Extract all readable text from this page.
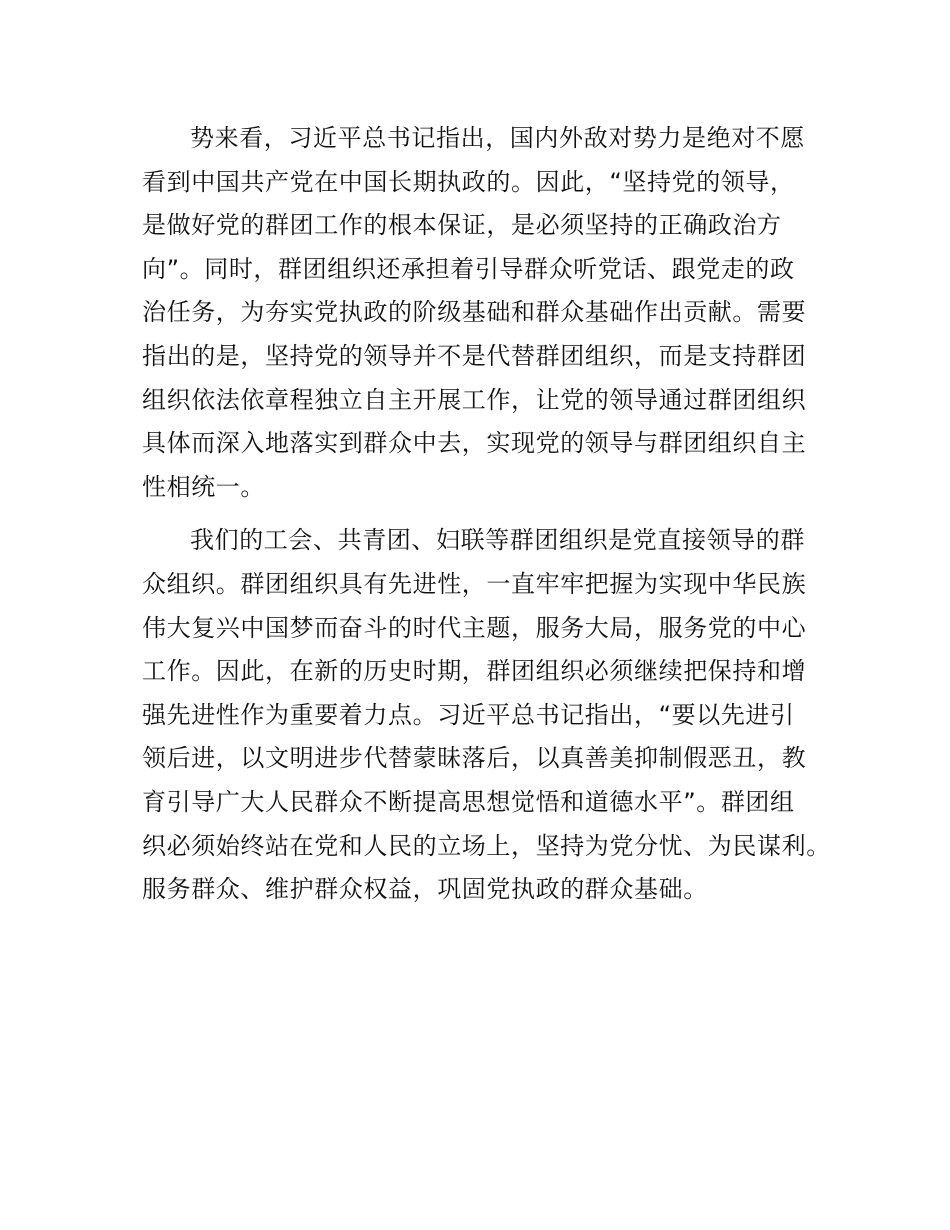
势来看，习近平总书记指出，国内外敌对势力是绝对不愿
看到中国共产党在中国长期执政的。因此，“坚持党的领导，
是做好党的群团工作的根本保证，是必须坚持的正确政治方
向”。同时，群团组织还承担着引导群众听党话、跟党走的政
治任务，为夯实党执政的阶级基础和群众基础作出贡献。需要
指出的是，坚持党的领导并不是代替群团组织，而是支持群团
组织依法依章程独立自主开展工作，让党的领导通过群团组织
具体而深入地落实到群众中去，实现党的领导与群团组织自主
性相统一。
我们的工会、共青团、妇联等群团组织是党直接领导的群
众组织。群团组织具有先进性，一直牢牢把握为实现中华民族
伟大复兴中国梦而奋斗的时代主题，服务大局，服务党的中心
工作。因此，在新的历史时期，群团组织必须继续把保持和增
强先进性作为重要着力点。习近平总书记指出，“要以先进引
领后进，以文明进步代替蒙昧落后，以真善美抑制假恶丑，教
育引导广大人民群众不断提高思想觉悟和道德水平”。群团组
织必须始终站在党和人民的立场上，坚持为党分忧、为民谋利。
服务群众、维护群众权益，巩固党执政的群众基础。
